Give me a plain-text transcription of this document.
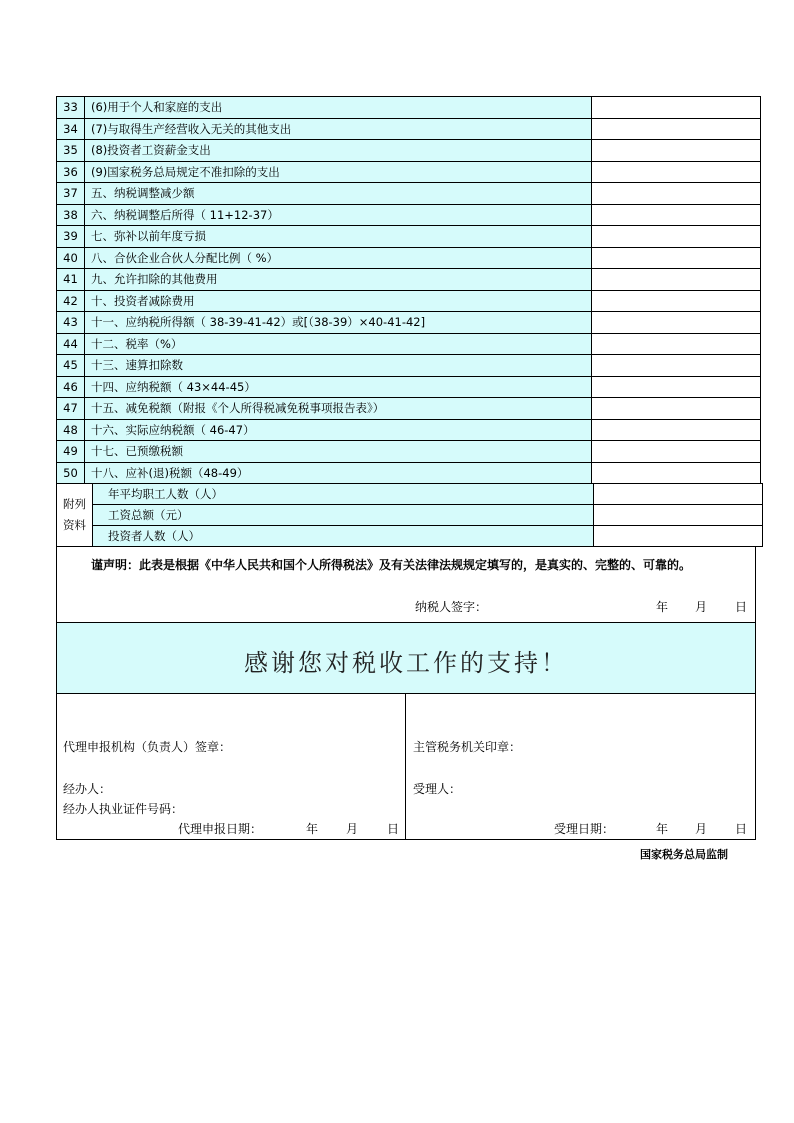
33	(6)用于个人和家庭的支出	
34	(7)与取得生产经营收入无关的其他支出	
35	(8)投资者工资薪金支出	
36	(9)国家税务总局规定不准扣除的支出	
37	五、纳税调整减少额	
38	六、纳税调整后所得（ 11+12-37）	
39	七、弥补以前年度亏损	
40	八、合伙企业合伙人分配比例（ %）	
41	九、允许扣除的其他费用	
42	十、投资者减除费用	
43	十一、应纳税所得额（ 38-39-41-42）或[（38-39）×40-41-42]	
44	十二、税率（%）	
45	十三、速算扣除数	
46	十四、应纳税额（ 43×44-45）	
47	十五、减免税额（附报《个人所得税减免税事项报告表》）	
48	十六、实际应纳税额（ 46-47）	
49	十七、已预缴税额	
50	十八、应补(退)税额（48-49）	
附列
资料	年平均职工人数（人）	
	工资总额（元）	
	投资者人数（人）	
谨声明：此表是根据《中华人民共和国个人所得税法》及有关法律法规规定填写的，是真实的、完整的、可靠的。
纳税人签字：	年 月 日
感谢您对税收工作的支持！
代理申报机构（负责人）签章：
经办人：
经办人执业证件号码：
代理申报日期：	年 月 日
主管税务机关印章：
受理人：
受理日期：	年 月 日
国家税务总局监制
